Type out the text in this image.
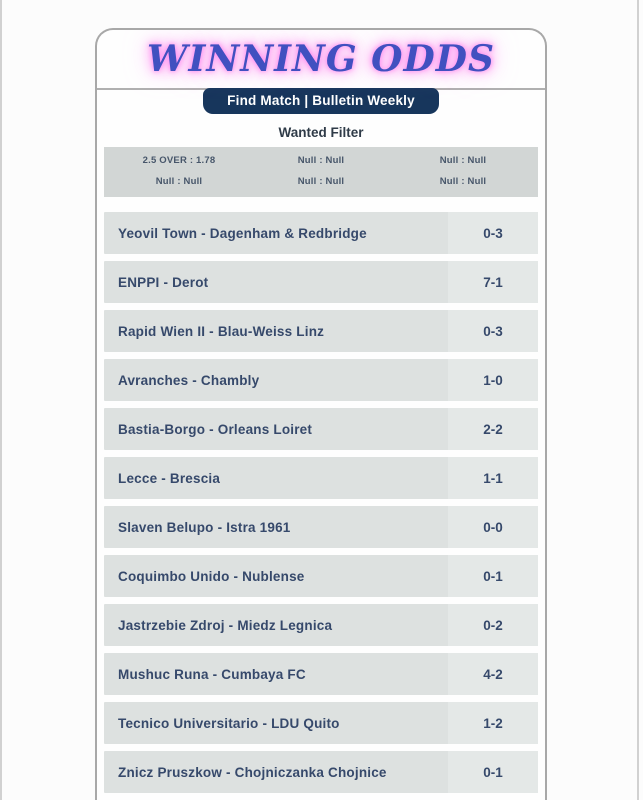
WINNING ODDS
Find Match | Bulletin Weekly
Wanted Filter
2.5 OVER : 1.78	Null : Null	Null : Null
Null : Null	Null : Null	Null : Null
Yeovil Town - Dagenham & Redbridge	0-3
ENPPI - Derot	7-1
Rapid Wien II - Blau-Weiss Linz	0-3
Avranches - Chambly	1-0
Bastia-Borgo - Orleans Loiret	2-2
Lecce - Brescia	1-1
Slaven Belupo - Istra 1961	0-0
Coquimbo Unido - Nublense	0-1
Jastrzebie Zdroj - Miedz Legnica	0-2
Mushuc Runa - Cumbaya FC	4-2
Tecnico Universitario - LDU Quito	1-2
Znicz Pruszkow - Chojniczanka Chojnice	0-1
